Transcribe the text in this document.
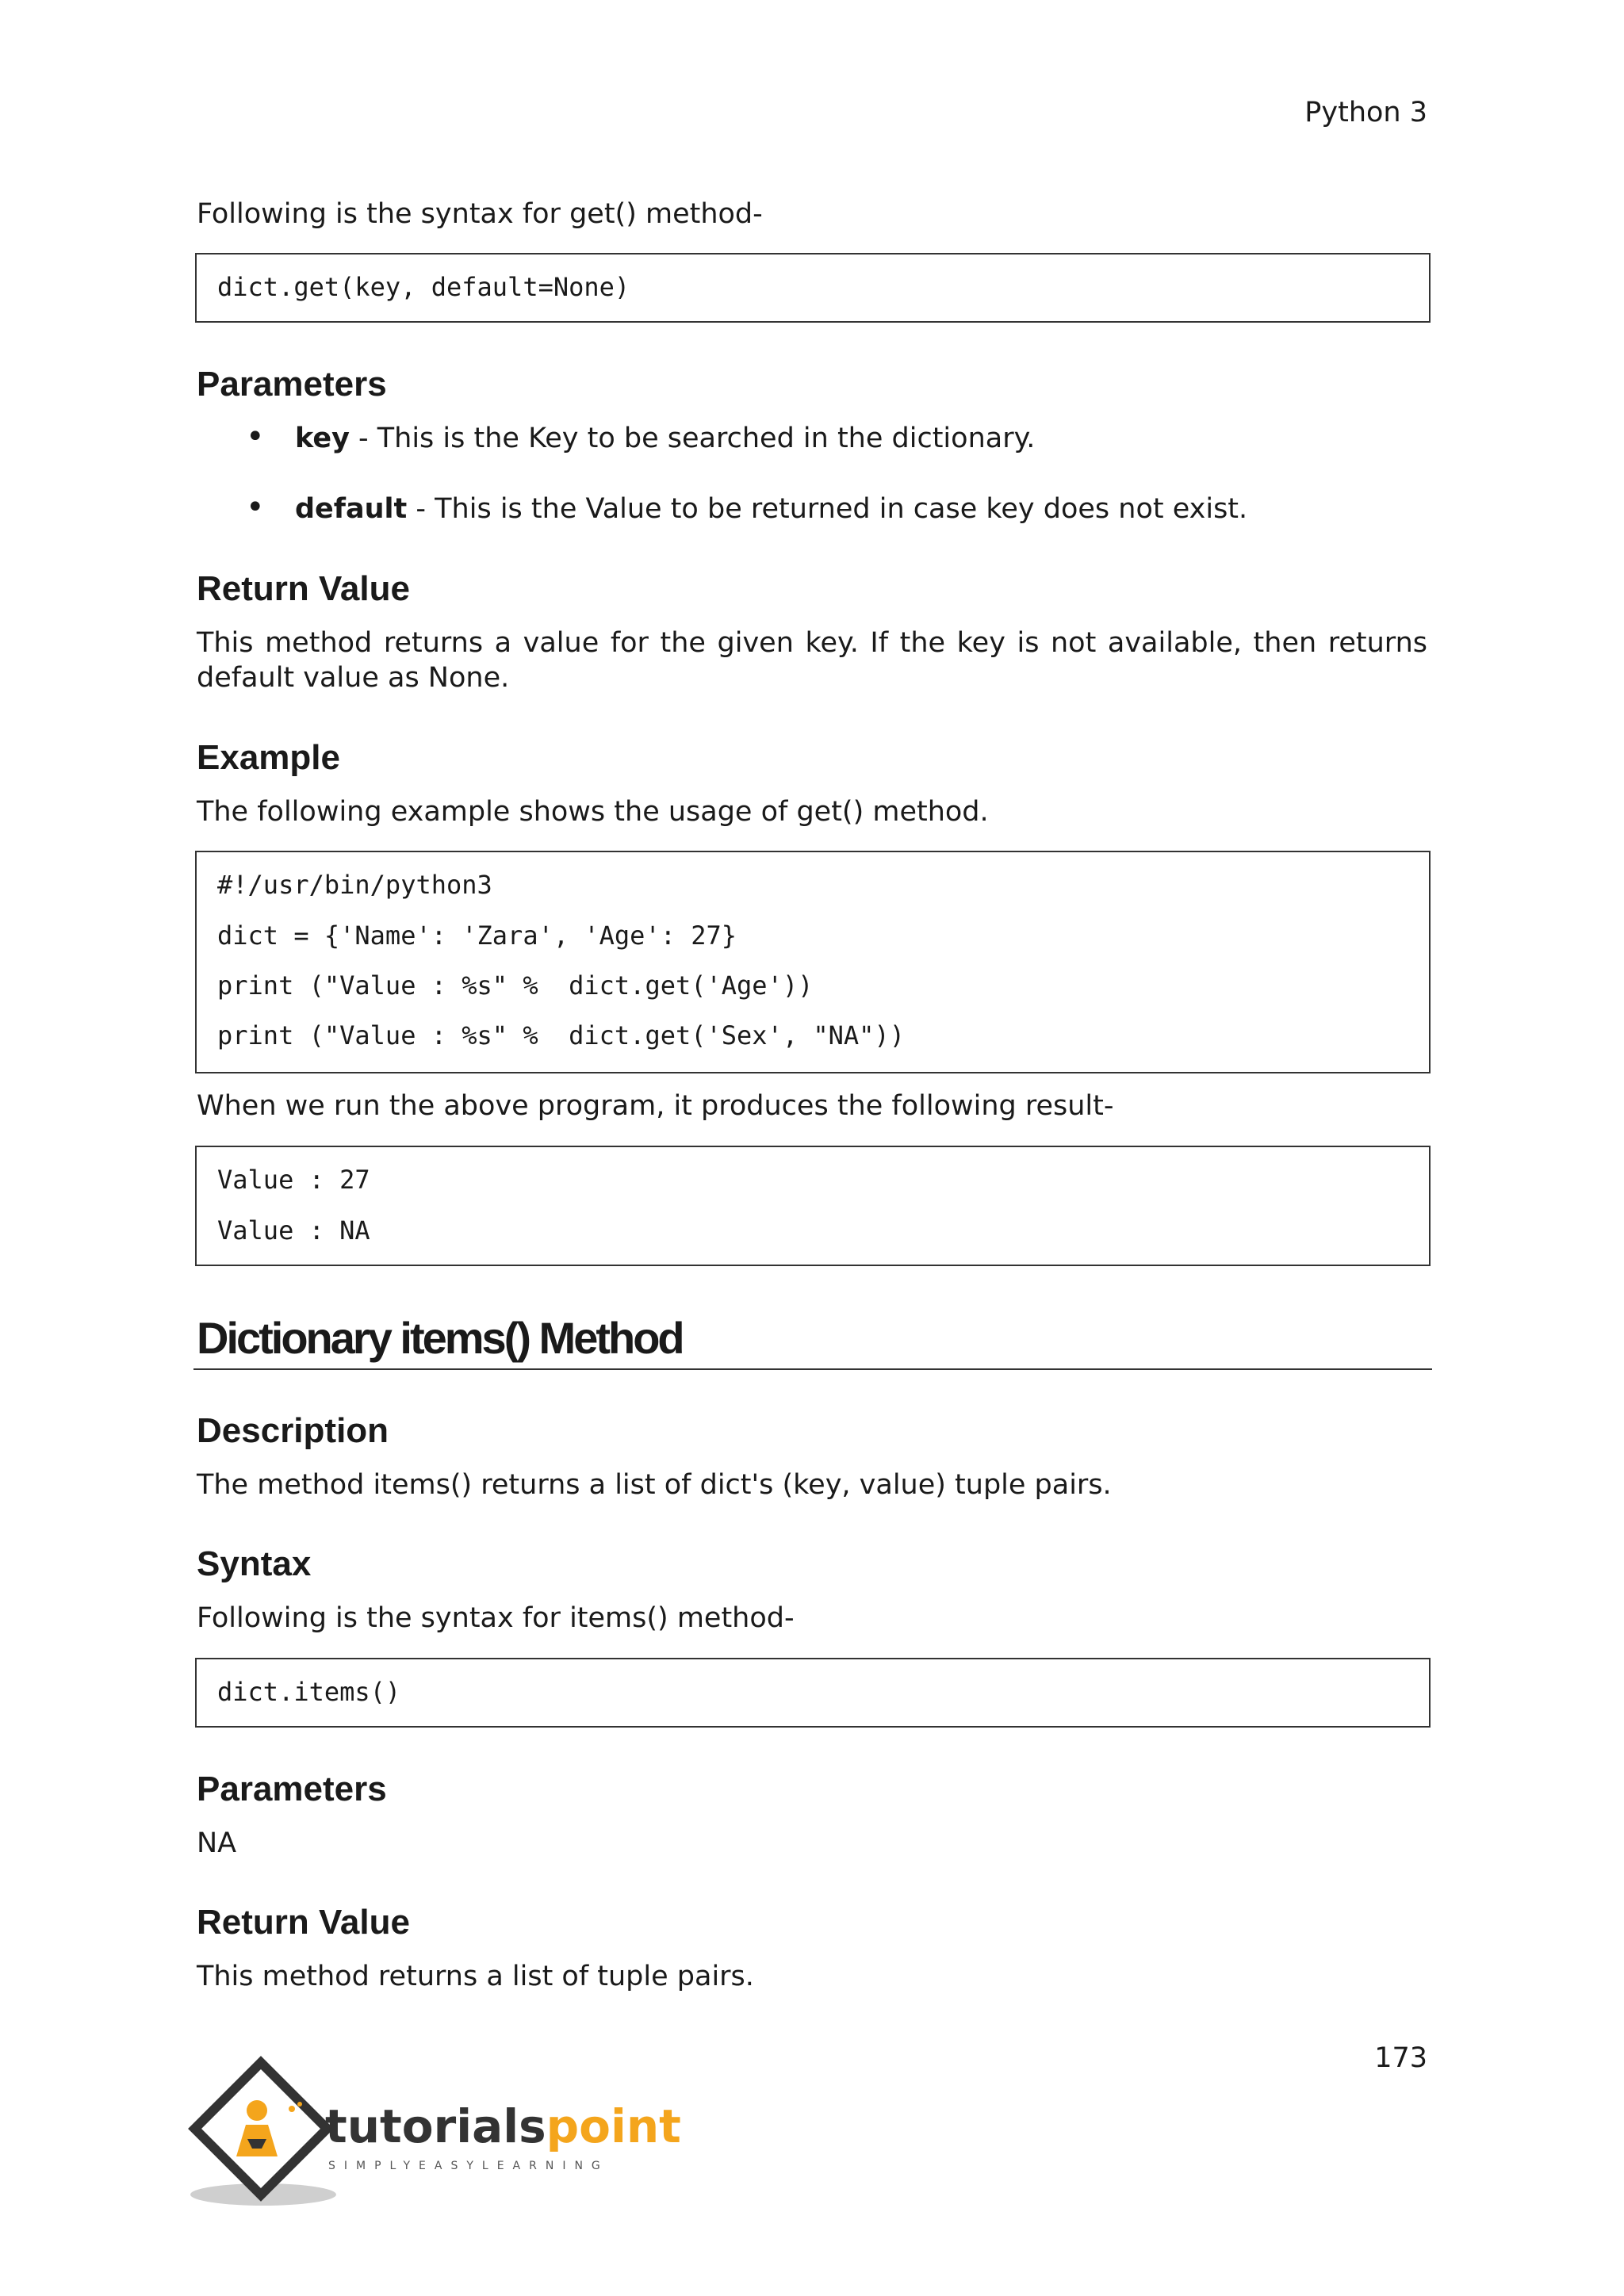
Python 3
Following is the syntax for get() method-
dict.get(key, default=None)
Parameters
• key - This is the Key to be searched in the dictionary.
• default - This is the Value to be returned in case key does not exist.
Return Value
This method returns a value for the given key. If the key is not available, then returns
default value as None.
Example
The following example shows the usage of get() method.
#!/usr/bin/python3
dict = {'Name': 'Zara', 'Age': 27}
print ("Value : %s" %  dict.get('Age'))
print ("Value : %s" %  dict.get('Sex', "NA"))
When we run the above program, it produces the following result-
Value : 27
Value : NA
Dictionary items() Method
Description
The method items() returns a list of dict's (key, value) tuple pairs.
Syntax
Following is the syntax for items() method-
dict.items()
Parameters
NA
Return Value
This method returns a list of tuple pairs.
173
tutorialspoint
SIMPLYEASYLEARNING
